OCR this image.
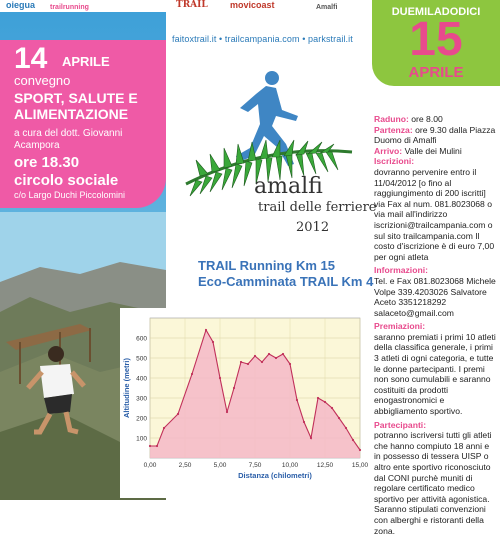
oiegua trailrunning	TRAIL movicoast	Amalfi
14 APRILE
convegno
SPORT, SALUTE E ALIMENTAZIONE
a cura del dott. Giovanni Acampora
ore 18.30
circolo sociale
c/o Largo Duchi Piccolomini
faitoxtrail.it • trailcampania.com • parkstrail.it
DUEMILADODICI
15
APRILE
amalfi
trail delle ferriere
2012
TRAIL Running Km 15
Eco-Camminata TRAIL Km 4

Raduno: ore 8.00

Partenza: ore 9.30 dalla Piazza Duomo di Amalfi

Arrivo: Valle dei Mulini

Iscrizioni:

dovranno pervenire entro il 11/04/2012 [o fino al raggiungimento di 200 iscritti] via Fax al num. 081.8023068 o via mail all'indirizzo iscrizioni@trailcampania.com o sul sito trailcampania.com Il costo d'iscrizione è di euro 7,00 per ogni atleta

Informazioni:

Tel. e Fax 081.8023068 Michele Volpe 339.4203026 Salvatore Aceto 3351218292 salaceto@gmail.com

Premiazioni:

saranno premiati i primi 10 atleti della classifica generale, i primi 3 atleti di ogni categoria, e tutte le donne partecipanti. I premi non sono cumulabili e saranno costituiti da prodotti enogastronomici e abbigliamento sportivo.

Partecipanti:

potranno iscriversi tutti gli atleti che hanno compiuto 18 anni e in possesso di tessera UISP o altro ente sportivo riconosciuto dal CONI purchè muniti di regolare certificato medico sportivo per attività agonistica. Saranno stipulati convenzioni con alberghi e ristoranti della zona.

100
200
300
400
500
600
0,00	2,50	5,00	7,50	10,00	12,50	15,00
Altitudine (metri)
Distanza (chilometri)
